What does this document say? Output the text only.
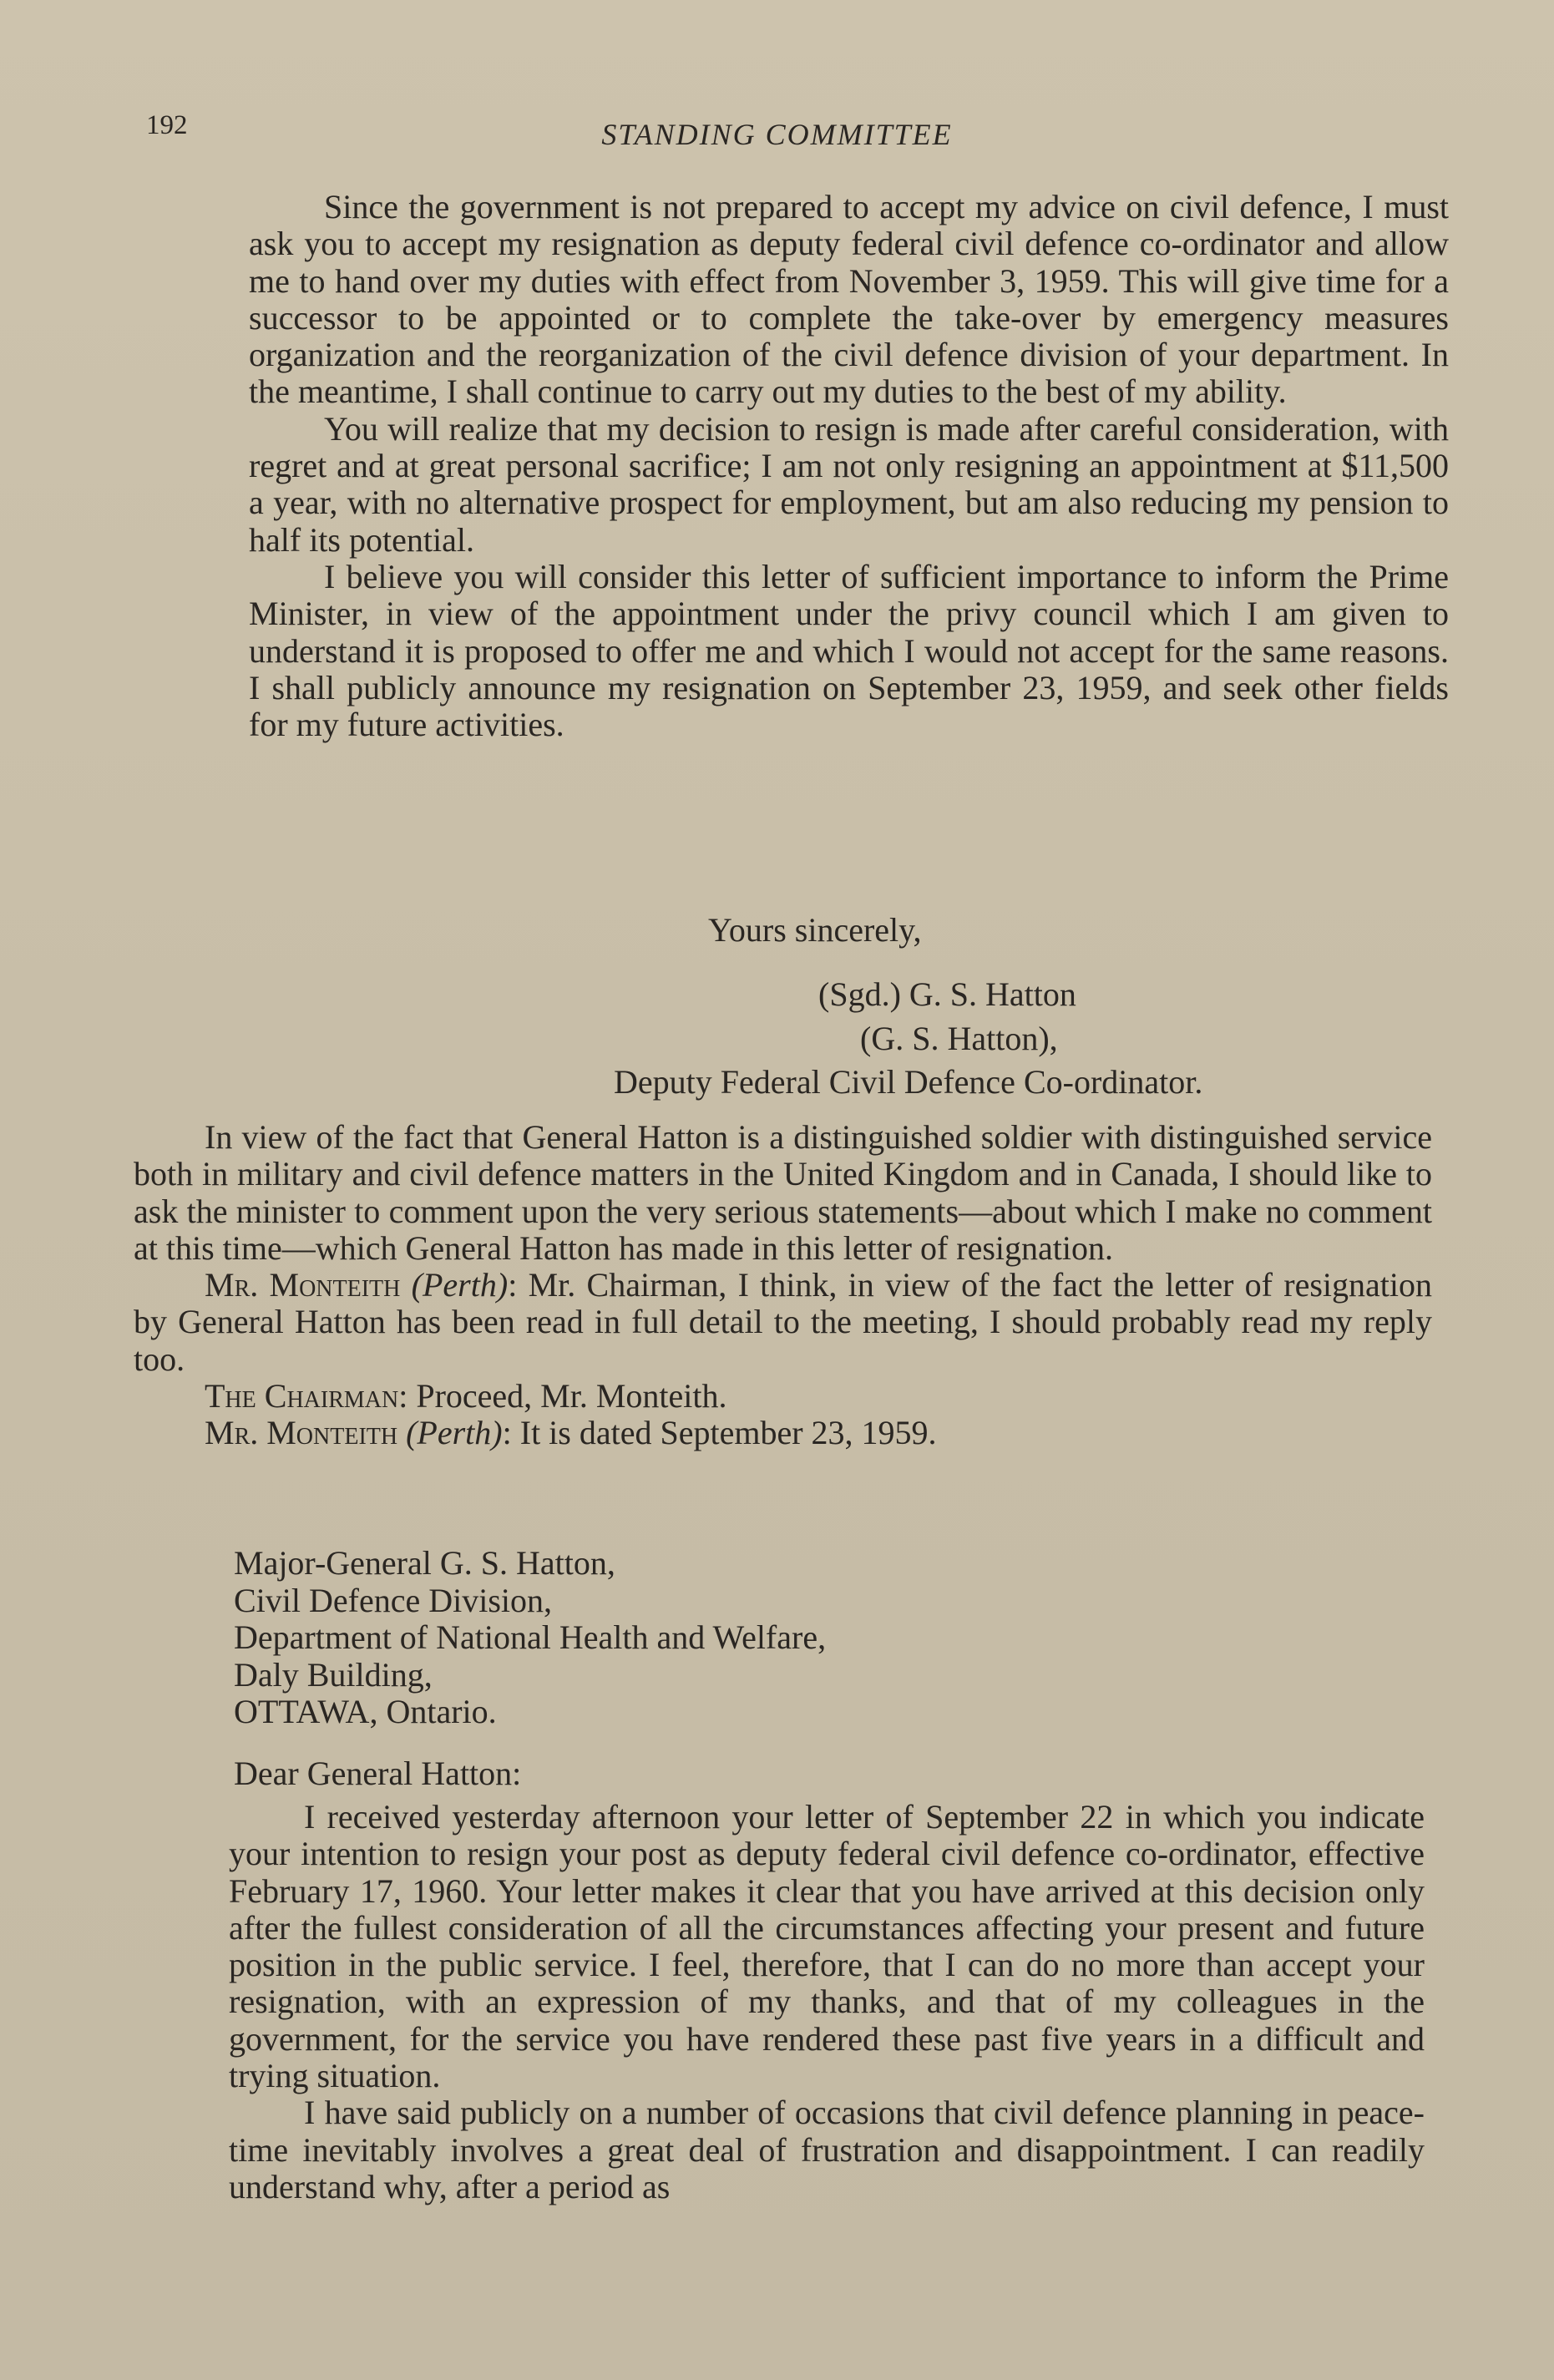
192	STANDING COMMITTEE

Since the government is not prepared to accept my advice on civil defence, I must ask you to accept my resignation as deputy federal civil defence co-ordinator and allow me to hand over my duties with effect from November 3, 1959. This will give time for a successor to be appointed or to complete the take-over by emergency measures organization and the reorganization of the civil defence division of your department. In the meantime, I shall continue to carry out my duties to the best of my ability.

You will realize that my decision to resign is made after careful consideration, with regret and at great personal sacrifice; I am not only resigning an appointment at $11,500 a year, with no alternative prospect for employment, but am also reducing my pension to half its potential.

I believe you will consider this letter of sufficient importance to inform the Prime Minister, in view of the appointment under the privy council which I am given to understand it is proposed to offer me and which I would not accept for the same reasons. I shall publicly announce my resignation on September 23, 1959, and seek other fields for my future activities.

Yours sincerely,
(Sgd.) G. S. Hatton
(G. S. Hatton),
Deputy Federal Civil Defence Co-ordinator.

In view of the fact that General Hatton is a distinguished soldier with distinguished service both in military and civil defence matters in the United Kingdom and in Canada, I should like to ask the minister to comment upon the very serious statements—about which I make no comment at this time—which General Hatton has made in this letter of resignation.

Mr. Monteith (Perth): Mr. Chairman, I think, in view of the fact the letter of resignation by General Hatton has been read in full detail to the meeting, I should probably read my reply too.

The Chairman: Proceed, Mr. Monteith.

Mr. Monteith (Perth): It is dated September 23, 1959.

Major-General G. S. Hatton,
Civil Defence Division,
Department of National Health and Welfare,
Daly Building,
OTTAWA, Ontario.
Dear General Hatton:

I received yesterday afternoon your letter of September 22 in which you indicate your intention to resign your post as deputy federal civil defence co-ordinator, effective February 17, 1960. Your letter makes it clear that you have arrived at this decision only after the fullest consideration of all the circumstances affecting your present and future position in the public service. I feel, therefore, that I can do no more than accept your resignation, with an expression of my thanks, and that of my colleagues in the government, for the service you have rendered these past five years in a difficult and trying situation.

I have said publicly on a number of occasions that civil defence planning in peace-time inevitably involves a great deal of frustration and disappointment. I can readily understand why, after a period as
